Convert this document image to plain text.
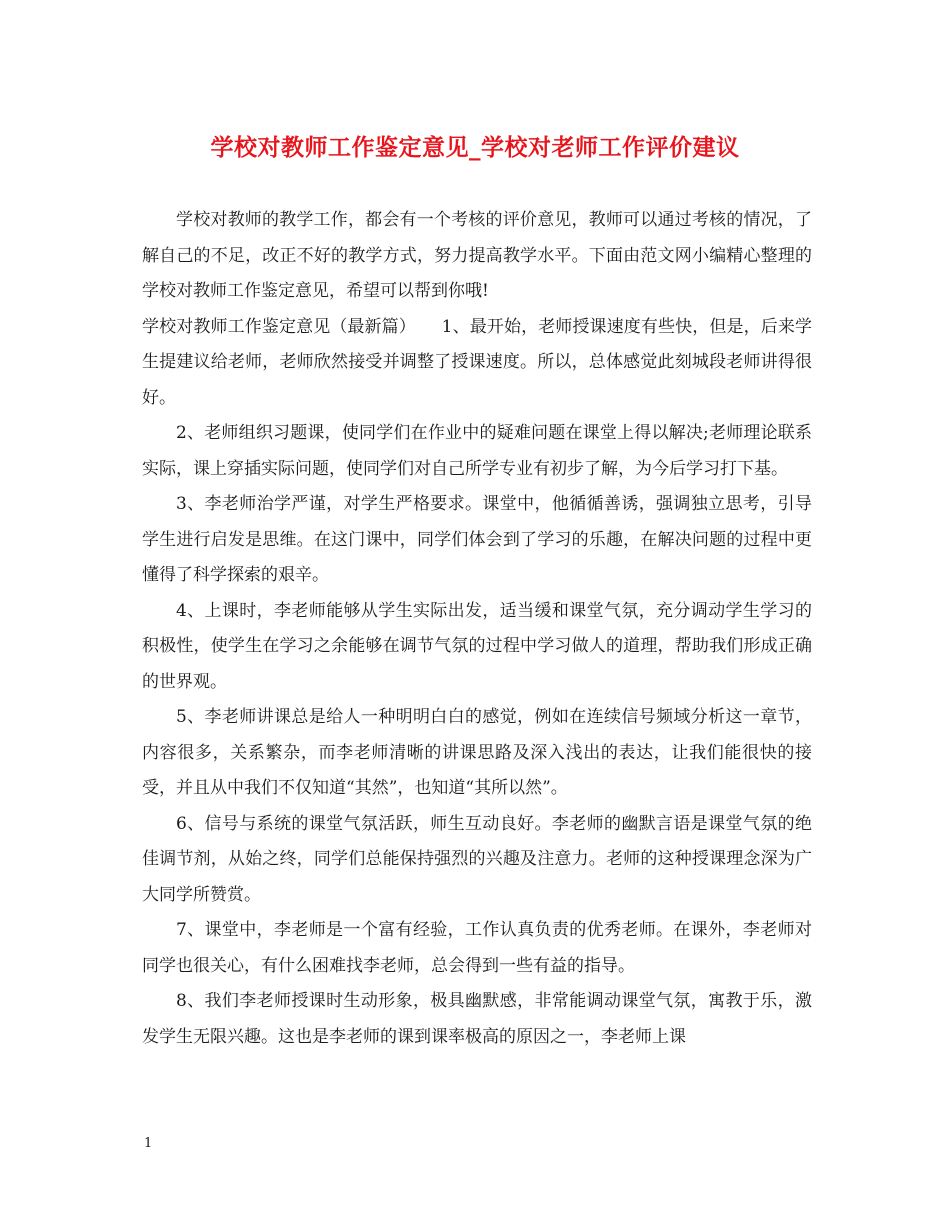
学校对教师工作鉴定意见_学校对老师工作评价建议

学校对教师的教学工作，都会有一个考核的评价意见，教师可以通过考核的情况，了解自己的不足，改正不好的教学方式，努力提高教学水平。下面由范文网小编精心整理的学校对教师工作鉴定意见，希望可以帮到你哦!

学校对教师工作鉴定意见（最新篇）　　1、最开始，老师授课速度有些快，但是，后来学生提建议给老师，老师欣然接受并调整了授课速度。所以，总体感觉此刻城段老师讲得很好。

2、老师组织习题课，使同学们在作业中的疑难问题在课堂上得以解决;老师理论联系实际，课上穿插实际问题，使同学们对自己所学专业有初步了解，为今后学习打下基。

3、李老师治学严谨，对学生严格要求。课堂中，他循循善诱，强调独立思考，引导学生进行启发是思维。在这门课中，同学们体会到了学习的乐趣，在解决问题的过程中更懂得了科学探索的艰辛。

4、上课时，李老师能够从学生实际出发，适当缓和课堂气氛，充分调动学生学习的积极性，使学生在学习之余能够在调节气氛的过程中学习做人的道理，帮助我们形成正确的世界观。

5、李老师讲课总是给人一种明明白白的感觉，例如在连续信号频域分析这一章节，内容很多，关系繁杂，而李老师清晰的讲课思路及深入浅出的表达，让我们能很快的接受，并且从中我们不仅知道“其然”，也知道“其所以然”。

6、信号与系统的课堂气氛活跃，师生互动良好。李老师的幽默言语是课堂气氛的绝佳调节剂，从始之终，同学们总能保持强烈的兴趣及注意力。老师的这种授课理念深为广大同学所赞赏。

7、课堂中，李老师是一个富有经验，工作认真负责的优秀老师。在课外，李老师对同学也很关心，有什么困难找李老师，总会得到一些有益的指导。

8、我们李老师授课时生动形象，极具幽默感，非常能调动课堂气氛，寓教于乐，激发学生无限兴趣。这也是李老师的课到课率极高的原因之一，李老师上课

1
